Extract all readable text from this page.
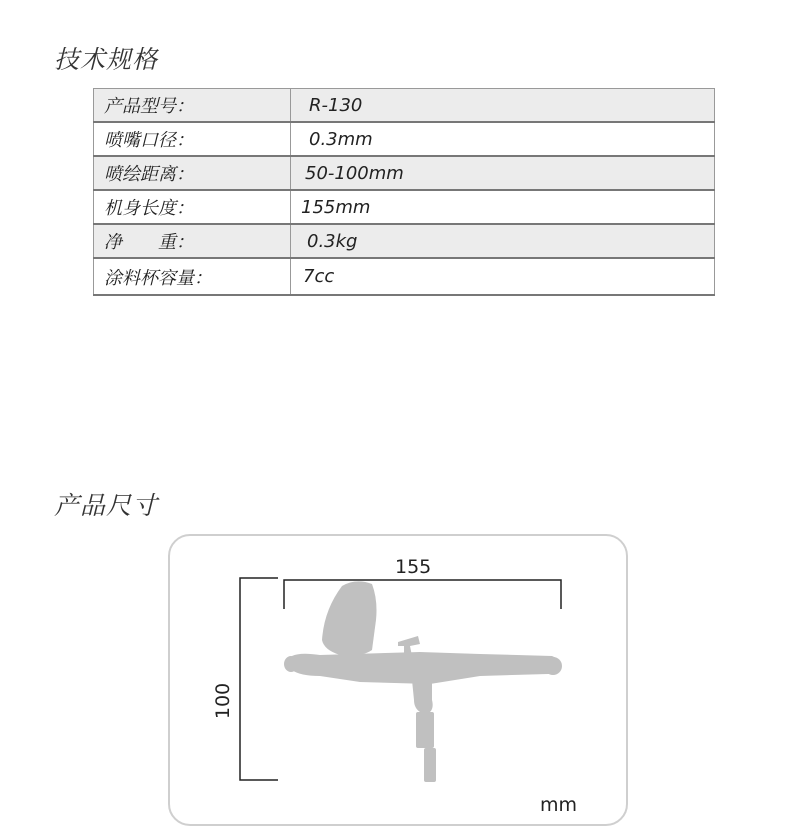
技术规格
产品型号：	R-130
喷嘴口径：	0.3mm
喷绘距离：	50-100mm
机身长度：	155mm
净　　重：	0.3kg
涂料杯容量：	7cc
产品尺寸
155
100
mm
